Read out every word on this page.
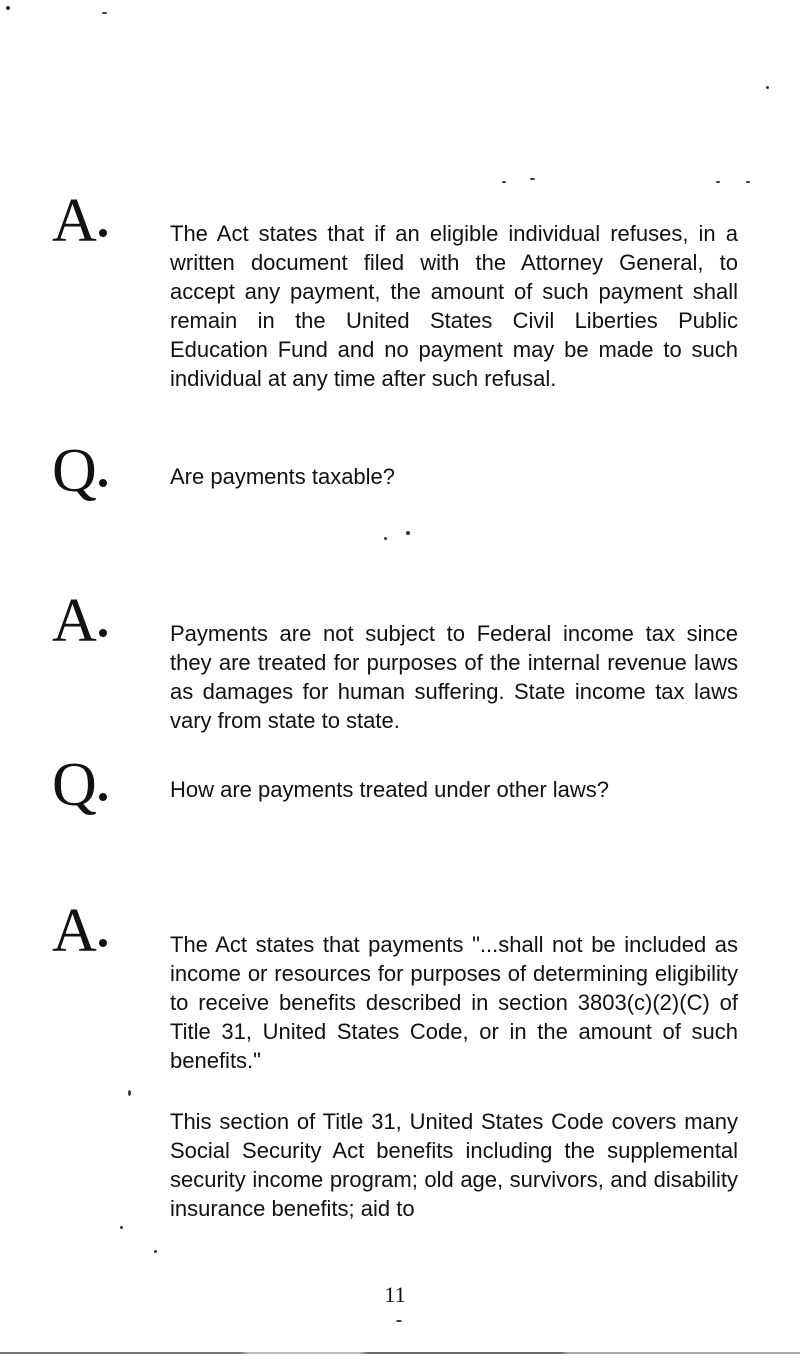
A	The Act states that if an eligible individual refuses, in a written document filed with the Attorney General, to accept any payment, the amount of such payment shall remain in the United States Civil Liberties Public Education Fund and no payment may be made to such individual at any time after such refusal.

Q	Are payments taxable?

A	Payments are not subject to Federal income tax since they are treated for purposes of the internal revenue laws as damages for human suffering. State income tax laws vary from state to state.

Q	How are payments treated under other laws?

A	The Act states that payments "...shall not be included as income or resources for purposes of determining eligibility to receive benefits described in section 3803(c)(2)(C) of Title 31, United States Code, or in the amount of such benefits."

This section of Title 31, United States Code covers many Social Security Act benefits including the supplemental security income program; old age, survivors, and disability insurance benefits; aid to

11
